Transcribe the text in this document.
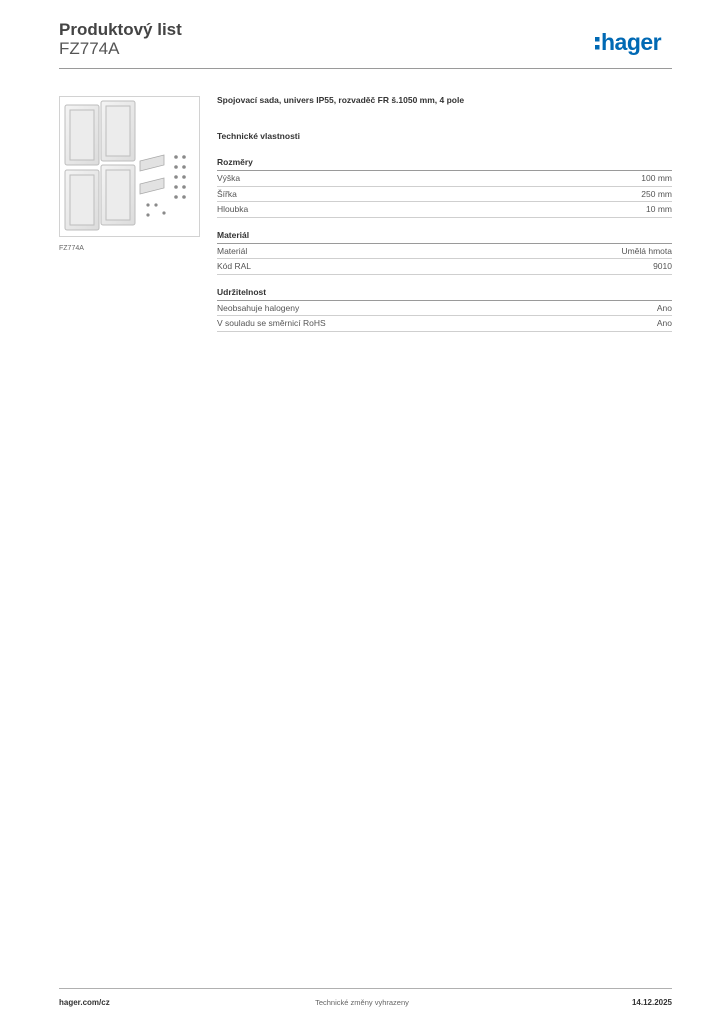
Produktový list
FZ774A	hager
FZ774A
Spojovací sada, univers IP55, rozvaděč FR š.1050 mm, 4 pole
Technické vlastnosti
Rozměry
Výška	100 mm
Šířka	250 mm
Hloubka	10 mm
Materiál
Materiál	Umělá hmota
Kód RAL	9010
Udržitelnost
Neobsahuje halogeny	Ano
V souladu se směrnicí RoHS	Ano
hager.com/cz	Technické změny vyhrazeny	14.12.2025
